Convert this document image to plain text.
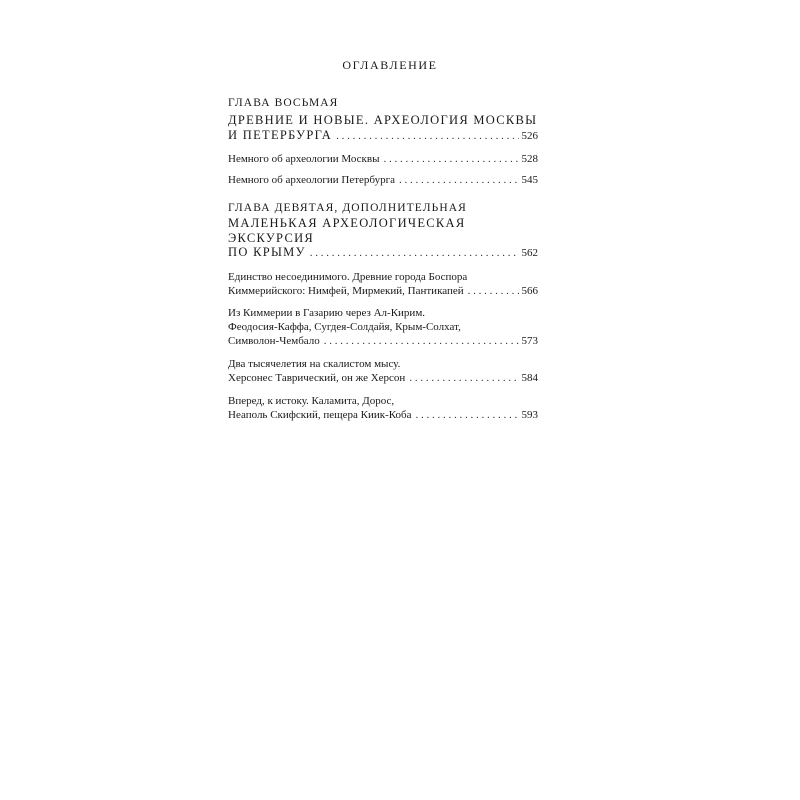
ОГЛАВЛЕНИЕ
ГЛАВА ВОСЬМАЯ
ДРЕВНИЕ И НОВЫЕ. АРХЕОЛОГИЯ МОСКВЫ
И ПЕТЕРБУРГА . . .	526
Немного об археологии Москвы . . .	528
Немного об археологии Петербурга . . .	545
ГЛАВА ДЕВЯТАЯ, ДОПОЛНИТЕЛЬНАЯ
МАЛЕНЬКАЯ АРХЕОЛОГИЧЕСКАЯ ЭКСКУРСИЯ
ПО КРЫМУ . . .	562
Единство несоединимого. Древние города Боспора
Киммерийского: Нимфей, Мирмекий, Пантикапей . . .	566
Из Киммерии в Газарию через Ал-Кирим.
Феодосия-Каффа, Сугдея-Солдайя, Крым-Солхат,
Символон-Чембало . . .	573
Два тысячелетия на скалистом мысу.
Херсонес Таврический, он же Херсон . . .	584
Вперед, к истоку. Каламита, Дорос,
Неаполь Скифский, пещера Киик-Коба . . .	593
